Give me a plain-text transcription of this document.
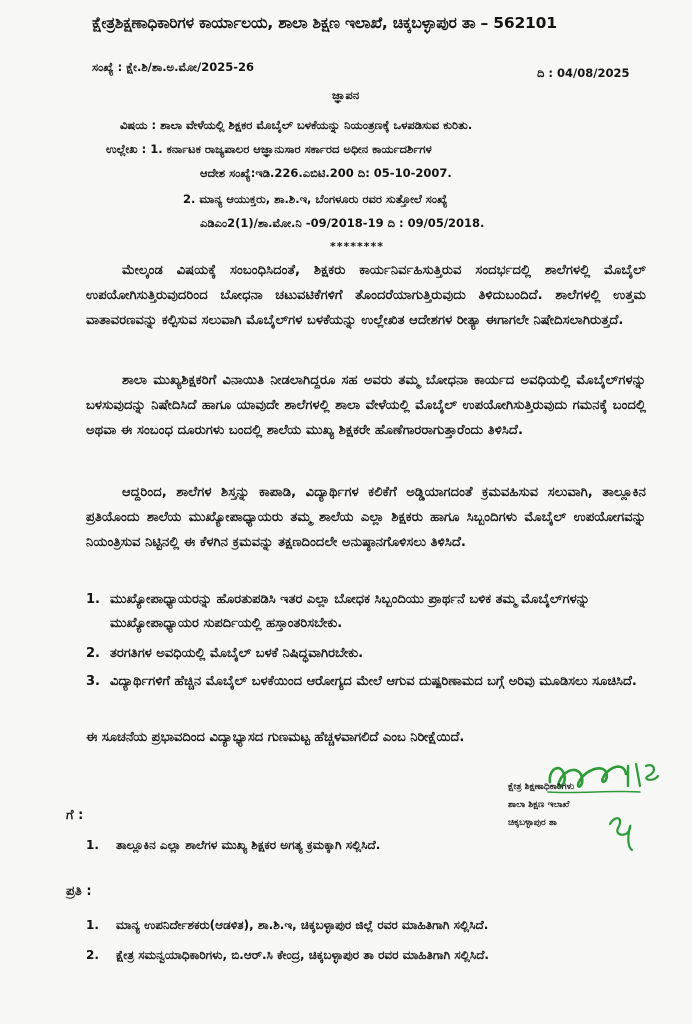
ಕ್ಷೇತ್ರಶಿಕ್ಷಣಾಧಿಕಾರಿಗಳ ಕಾರ್ಯಾಲಯ, ಶಾಲಾ ಶಿಕ್ಷಣ ಇಲಾಖೆ, ಚಿಕ್ಕಬಳ್ಳಾಪುರ ತಾ – 562101
ಸಂಖ್ಯೆ : ಕ್ಷೇ.ಶಿ/ಶಾ.ಅ.ಮೋ/2025-26	ದಿ : 04/08/2025
ಜ್ಞಾಪನ
ವಿಷಯ : ಶಾಲಾ ವೇಳೆಯಲ್ಲಿ ಶಿಕ್ಷಕರ ಮೊಬೈಲ್ ಬಳಕೆಯನ್ನು ನಿಯಂತ್ರಣಕ್ಕೆ ಒಳಪಡಿಸುವ ಕುರಿತು.
ಉಲ್ಲೇಖ : 1. ಕರ್ನಾಟಕ ರಾಜ್ಯಪಾಲರ ಆಜ್ಞಾನುಸಾರ ಸರ್ಕಾರದ ಅಧೀನ ಕಾರ್ಯದರ್ಶಿಗಳ
ಆದೇಶ ಸಂಖ್ಯೆ:ಇಡಿ.226.ಎಬಿಟಿ.200 ದಿ: 05-10-2007.
2. ಮಾನ್ಯ ಆಯುಕ್ತರು, ಶಾ.ಶಿ.ಇ, ಬೆಂಗಳೂರು ರವರ ಸುತ್ತೋಲೆ ಸಂಖ್ಯೆ
ಎಡಿಎಂ2(1)/ಶಾ.ಮೋ.ನಿ -09/2018-19 ದಿ : 09/05/2018.
********
ಮೇಲ್ಕಂಡ ವಿಷಯಕ್ಕೆ ಸಂಬಂಧಿಸಿದಂತೆ, ಶಿಕ್ಷಕರು ಕಾರ್ಯನಿರ್ವಹಿಸುತ್ತಿರುವ ಸಂದರ್ಭದಲ್ಲಿ ಶಾಲೆಗಳಲ್ಲಿ ಮೊಬೈಲ್ ಉಪಯೋಗಿಸುತ್ತಿರುವುದರಿಂದ ಬೋಧನಾ ಚಟುವಟಿಕೆಗಳಿಗೆ ತೊಂದರೆಯಾಗುತ್ತಿರುವುದು ತಿಳಿದುಬಂದಿದೆ. ಶಾಲೆಗಳಲ್ಲಿ ಉತ್ತಮ ವಾತಾವರಣವನ್ನು ಕಲ್ಪಿಸುವ ಸಲುವಾಗಿ ಮೊಬೈಲ್‌ಗಳ ಬಳಕೆಯನ್ನು ಉಲ್ಲೇಖಿತ ಆದೇಶಗಳ ರೀತ್ಯಾ ಈಗಾಗಲೇ ನಿಷೇದಿಸಲಾಗಿರುತ್ತದೆ.
ಶಾಲಾ ಮುಖ್ಯಶಿಕ್ಷಕರಿಗೆ ವಿನಾಯಿತಿ ನೀಡಲಾಗಿದ್ದರೂ ಸಹ ಅವರು ತಮ್ಮ ಬೋಧನಾ ಕಾರ್ಯದ ಅವಧಿಯಲ್ಲಿ ಮೊಬೈಲ್‌ಗಳನ್ನು ಬಳಸುವುದನ್ನು ನಿಷೇದಿಸಿದೆ ಹಾಗೂ ಯಾವುದೇ ಶಾಲೆಗಳಲ್ಲಿ ಶಾಲಾ ವೇಳೆಯಲ್ಲಿ ಮೊಬೈಲ್ ಉಪಯೋಗಿಸುತ್ತಿರುವುದು ಗಮನಕ್ಕೆ ಬಂದಲ್ಲಿ ಅಥವಾ ಈ ಸಂಬಂಧ ದೂರುಗಳು ಬಂದಲ್ಲಿ ಶಾಲೆಯ ಮುಖ್ಯ ಶಿಕ್ಷಕರೇ ಹೊಣೆಗಾರರಾಗುತ್ತಾರೆಂದು ತಿಳಿಸಿದೆ.
ಆದ್ದರಿಂದ, ಶಾಲೆಗಳ ಶಿಸ್ತನ್ನು ಕಾಪಾಡಿ, ವಿದ್ಯಾರ್ಥಿಗಳ ಕಲಿಕೆಗೆ ಅಡ್ಡಿಯಾಗದಂತೆ ಕ್ರಮವಹಿಸುವ ಸಲುವಾಗಿ, ತಾಲ್ಲೂಕಿನ ಪ್ರತಿಯೊಂದು ಶಾಲೆಯ ಮುಖ್ಯೋಪಾಧ್ಯಾಯರು ತಮ್ಮ ಶಾಲೆಯ ಎಲ್ಲಾ ಶಿಕ್ಷಕರು ಹಾಗೂ ಸಿಬ್ಬಂದಿಗಳು ಮೊಬೈಲ್ ಉಪಯೋಗವನ್ನು ನಿಯಂತ್ರಿಸುವ ನಿಟ್ಟಿನಲ್ಲಿ ಈ ಕೆಳಗಿನ ಕ್ರಮವನ್ನು ತಕ್ಷಣದಿಂದಲೇ ಅನುಷ್ಠಾನಗೊಳಿಸಲು ತಿಳಿಸಿದೆ.
1. ಮುಖ್ಯೋಪಾಧ್ಯಾಯರನ್ನು ಹೊರತುಪಡಿಸಿ ಇತರ ಎಲ್ಲಾ ಬೋಧಕ ಸಿಬ್ಬಂದಿಯು ಪ್ರಾರ್ಥನೆ ಬಳಿಕ ತಮ್ಮ ಮೊಬೈಲ್‌ಗಳನ್ನು ಮುಖ್ಯೋಪಾಧ್ಯಾಯರ ಸುಪರ್ದಿಯಲ್ಲಿ ಹಸ್ತಾಂತರಿಸಬೇಕು.
2. ತರಗತಿಗಳ ಅವಧಿಯಲ್ಲಿ ಮೊಬೈಲ್ ಬಳಕೆ ನಿಷಿದ್ಧವಾಗಿರಬೇಕು.
3. ವಿದ್ಯಾರ್ಥಿಗಳಿಗೆ ಹೆಚ್ಚಿನ ಮೊಬೈಲ್ ಬಳಕೆಯಿಂದ ಆರೋಗ್ಯದ ಮೇಲೆ ಆಗುವ ದುಷ್ಪರಿಣಾಮದ ಬಗ್ಗೆ ಅರಿವು ಮೂಡಿಸಲು ಸೂಚಿಸಿದೆ.
ಈ ಸೂಚನೆಯ ಪ್ರಭಾವದಿಂದ ವಿದ್ಯಾಭ್ಯಾಸದ ಗುಣಮಟ್ಟ ಹೆಚ್ಚಳವಾಗಲಿದೆ ಎಂಬ ನಿರೀಕ್ಷೆಯಿದೆ.
ಕ್ಷೇತ್ರ ಶಿಕ್ಷಣಾಧಿಕಾರಿಗಳು
ಶಾಲಾ ಶಿಕ್ಷಣ ಇಲಾಖೆ
ಚಿಕ್ಕಬಳ್ಳಾಪುರ ತಾ
ಗೆ :
1. ತಾಲ್ಲೂಕಿನ ಎಲ್ಲಾ ಶಾಲೆಗಳ ಮುಖ್ಯ ಶಿಕ್ಷಕರ ಅಗತ್ಯ ಕ್ರಮಕ್ಕಾಗಿ ಸಲ್ಲಿಸಿದೆ.
ಪ್ರತಿ :
1. ಮಾನ್ಯ ಉಪನಿರ್ದೇಶಕರು(ಆಡಳಿತ), ಶಾ.ಶಿ.ಇ, ಚಿಕ್ಕಬಳ್ಳಾಪುರ ಜಿಲ್ಲೆ ರವರ ಮಾಹಿತಿಗಾಗಿ ಸಲ್ಲಿಸಿದೆ.
2. ಕ್ಷೇತ್ರ ಸಮನ್ವಯಾಧಿಕಾರಿಗಳು, ಬಿ.ಆರ್.ಸಿ ಕೇಂದ್ರ, ಚಿಕ್ಕಬಳ್ಳಾಪುರ ತಾ ರವರ ಮಾಹಿತಿಗಾಗಿ ಸಲ್ಲಿಸಿದೆ.
